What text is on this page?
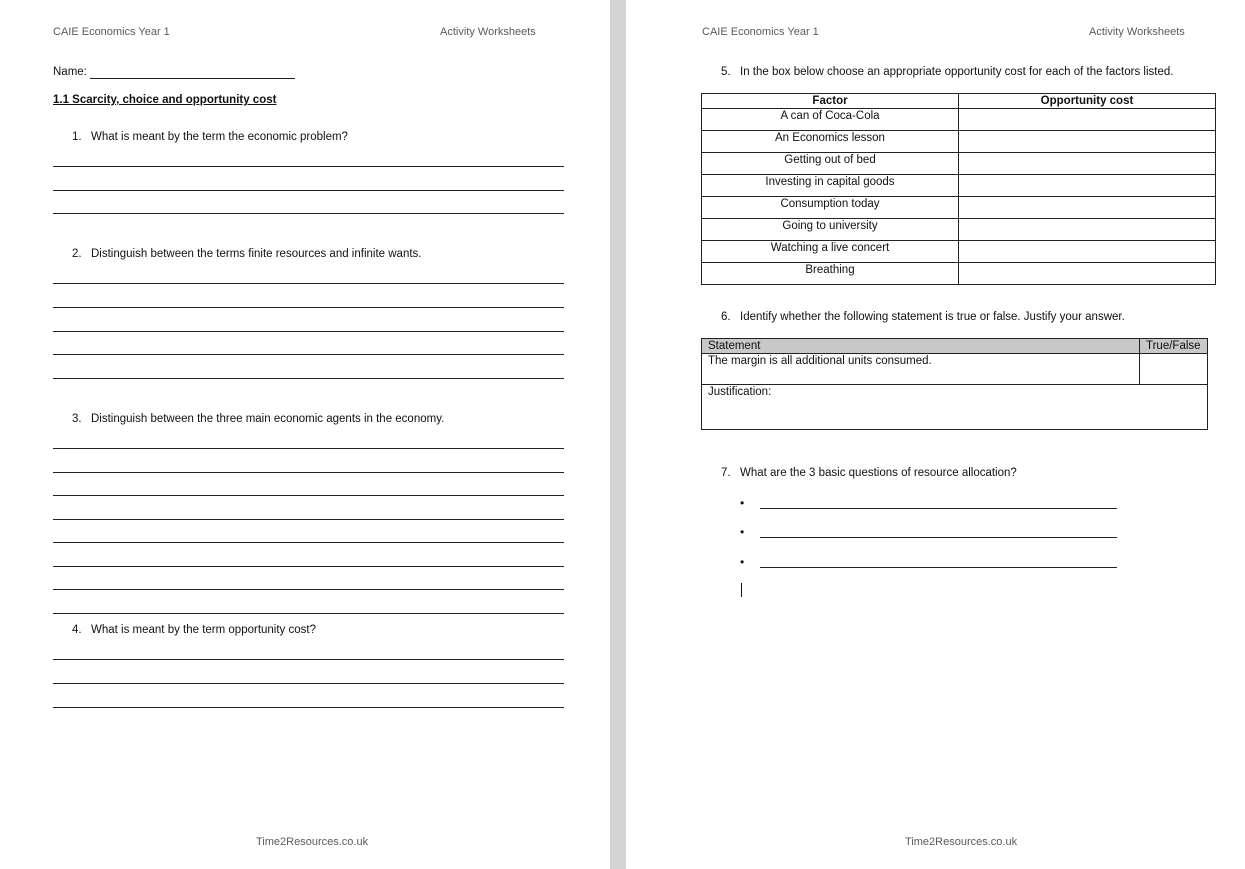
CAIE Economics Year 1	Activity Worksheets
Name:
1.1 Scarcity, choice and opportunity cost
1. What is meant by the term the economic problem?
2. Distinguish between the terms finite resources and infinite wants.
3. Distinguish between the three main economic agents in the economy.
4. What is meant by the term opportunity cost?
Time2Resources.co.uk
CAIE Economics Year 1	Activity Worksheets
5. In the box below choose an appropriate opportunity cost for each of the factors listed.
Factor	Opportunity cost
A can of Coca-Cola	
An Economics lesson	
Getting out of bed	
Investing in capital goods	
Consumption today	
Going to university	
Watching a live concert	
Breathing	
6. Identify whether the following statement is true or false. Justify your answer.
Statement	True/False
The margin is all additional units consumed.	
Justification:	
7. What are the 3 basic questions of resource allocation?
•
•
•
Time2Resources.co.uk
